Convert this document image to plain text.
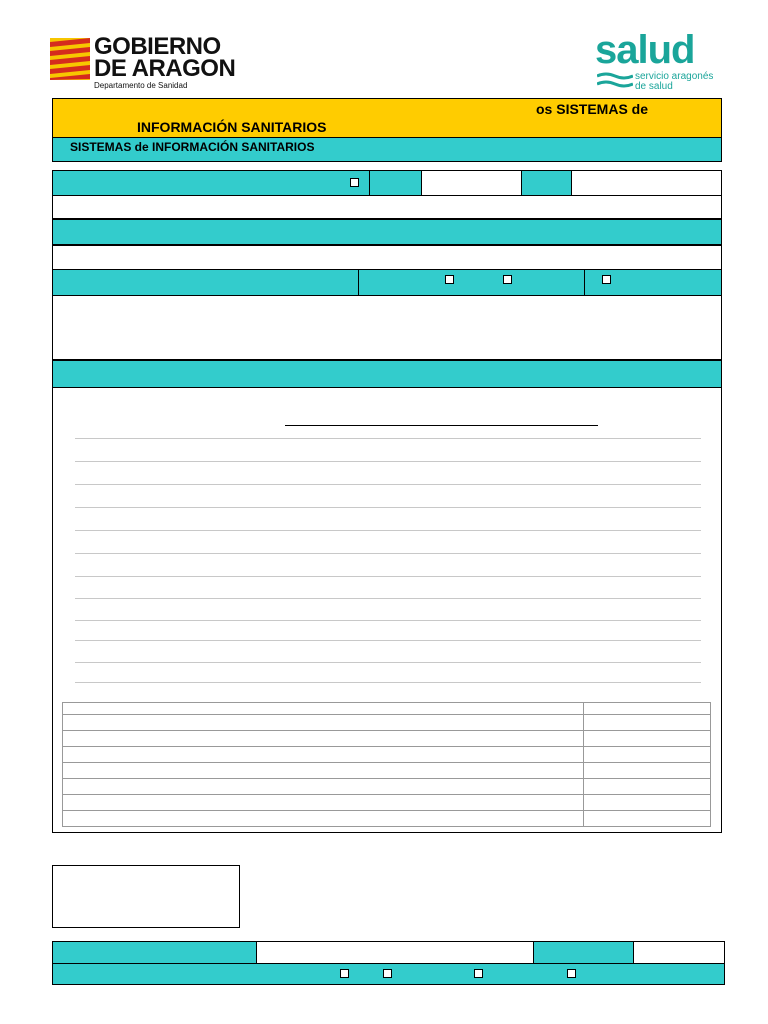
GOBIERNO
DE ARAGON
Departamento de Sanidad
salud
servicio aragonés
de salud
os SISTEMAS de
INFORMACIÓN SANITARIOS
SISTEMAS de INFORMACIÓN SANITARIOS
